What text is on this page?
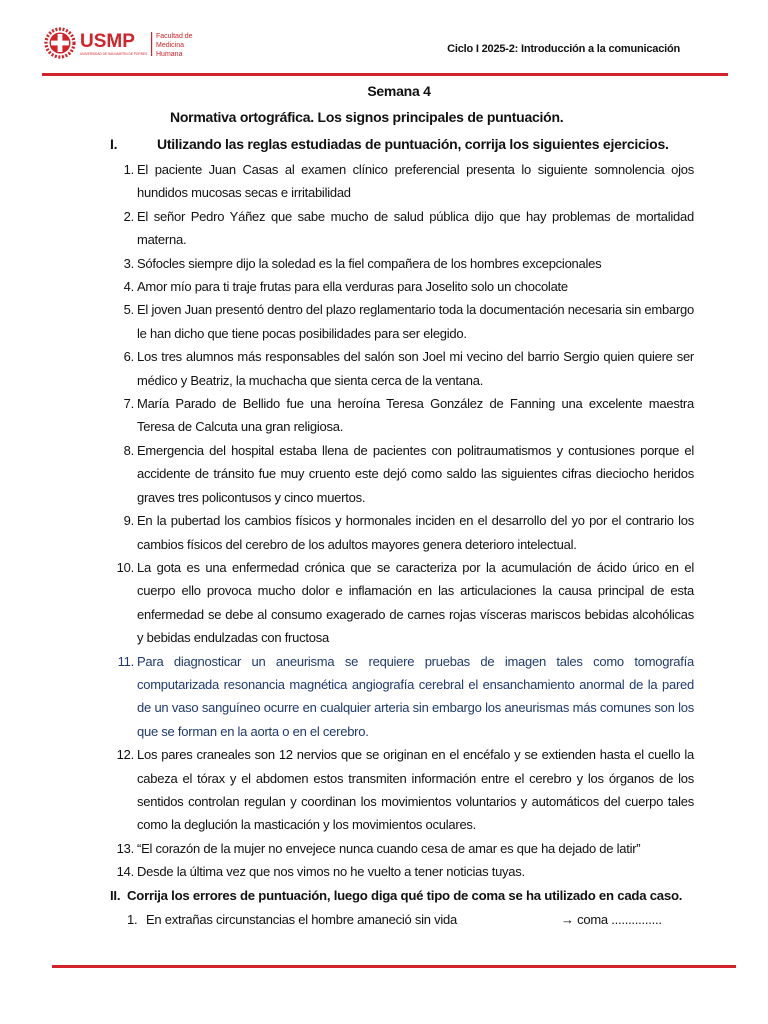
USMP
UNIVERSIDAD DE SAN MARTIN DE PORRES
Facultad de
Medicina
Humana	Ciclo I 2025-2: Introducción a la comunicación
Semana 4
Normativa ortográfica. Los signos principales de puntuación.
I.	Utilizando las reglas estudiadas de puntuación, corrija los siguientes ejercicios.
1. El paciente Juan Casas al examen clínico preferencial presenta lo siguiente somnolencia ojos hundidos mucosas secas e irritabilidad
2. El señor Pedro Yáñez que sabe mucho de salud pública dijo que hay problemas de mortalidad materna.
3. Sófocles siempre dijo la soledad es la fiel compañera de los hombres excepcionales
4. Amor mío para ti traje frutas para ella verduras para Joselito solo un chocolate
5. El joven Juan presentó dentro del plazo reglamentario toda la documentación necesaria sin embargo le han dicho que tiene pocas posibilidades para ser elegido.
6. Los tres alumnos más responsables del salón son Joel mi vecino del barrio Sergio quien quiere ser médico y Beatriz, la muchacha que sienta cerca de la ventana.
7. María Parado de Bellido fue una heroína Teresa González de Fanning una excelente maestra Teresa de Calcuta una gran religiosa.
8. Emergencia del hospital estaba llena de pacientes con politraumatismos y contusiones porque el accidente de tránsito fue muy cruento este dejó como saldo las siguientes cifras dieciocho heridos graves tres policontusos y cinco muertos.
9. En la pubertad los cambios físicos y hormonales inciden en el desarrollo del yo por el contrario los cambios físicos del cerebro de los adultos mayores genera deterioro intelectual.
10. La gota es una enfermedad crónica que se caracteriza por la acumulación de ácido úrico en el cuerpo ello provoca mucho dolor e inflamación en las articulaciones la causa principal de esta enfermedad se debe al consumo exagerado de carnes rojas vísceras mariscos bebidas alcohólicas y bebidas endulzadas con fructosa
11. Para diagnosticar un aneurisma se requiere pruebas de imagen tales como tomografía computarizada resonancia magnética angiografía cerebral el ensanchamiento anormal de la pared de un vaso sanguíneo ocurre en cualquier arteria sin embargo los aneurismas más comunes son los que se forman en la aorta o en el cerebro.
12. Los pares craneales son 12 nervios que se originan en el encéfalo y se extienden hasta el cuello la cabeza el tórax y el abdomen estos transmiten información entre el cerebro y los órganos de los sentidos controlan regulan y coordinan los movimientos voluntarios y automáticos del cuerpo tales como la deglución la masticación y los movimientos oculares.
13. “El corazón de la mujer no envejece nunca cuando cesa de amar es que ha dejado de latir”
14. Desde la última vez que nos vimos no he vuelto a tener noticias tuyas.
II. Corrija los errores de puntuación, luego diga qué tipo de coma se ha utilizado en cada caso.
1. En extrañas circunstancias el hombre amaneció sin vida	→ coma ...............
